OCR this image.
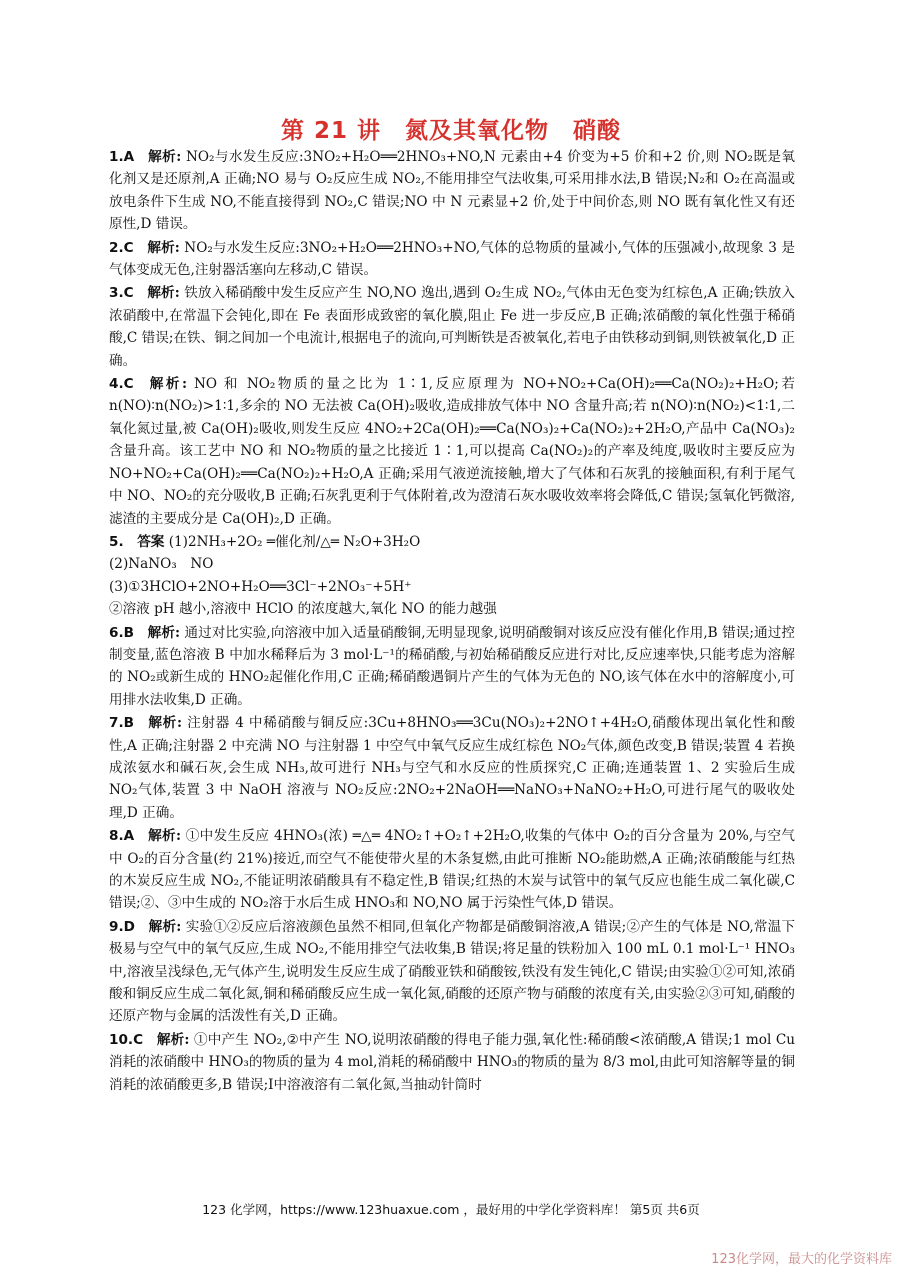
第 21 讲　氮及其氧化物　硝酸

1.A  解析: NO₂与水发生反应:3NO₂+H₂O══2HNO₃+NO,N 元素由+4 价变为+5 价和+2 价,则 NO₂既是氧化剂又是还原剂,A 正确;NO 易与 O₂反应生成 NO₂,不能用排空气法收集,可采用排水法,B 错误;N₂和 O₂在高温或放电条件下生成 NO,不能直接得到 NO₂,C 错误;NO 中 N 元素显+2 价,处于中间价态,则 NO 既有氧化性又有还原性,D 错误。

2.C  解析: NO₂与水发生反应:3NO₂+H₂O══2HNO₃+NO,气体的总物质的量减小,气体的压强减小,故现象 3 是气体变成无色,注射器活塞向左移动,C 错误。

3.C  解析: 铁放入稀硝酸中发生反应产生 NO,NO 逸出,遇到 O₂生成 NO₂,气体由无色变为红棕色,A 正确;铁放入浓硝酸中,在常温下会钝化,即在 Fe 表面形成致密的氧化膜,阻止 Fe 进一步反应,B 正确;浓硝酸的氧化性强于稀硝酸,C 错误;在铁、铜之间加一个电流计,根据电子的流向,可判断铁是否被氧化,若电子由铁移动到铜,则铁被氧化,D 正确。

4.C  解析: NO 和 NO₂物质的量之比为 1∶1,反应原理为 NO+NO₂+Ca(OH)₂══Ca(NO₂)₂+H₂O;若 n(NO)∶n(NO₂)>1∶1,多余的 NO 无法被 Ca(OH)₂吸收,造成排放气体中 NO 含量升高;若 n(NO)∶n(NO₂)<1∶1,二氧化氮过量,被 Ca(OH)₂吸收,则发生反应 4NO₂+2Ca(OH)₂══Ca(NO₃)₂+Ca(NO₂)₂+2H₂O,产品中 Ca(NO₃)₂含量升高。该工艺中 NO 和 NO₂物质的量之比接近 1∶1,可以提高 Ca(NO₂)₂的产率及纯度,吸收时主要反应为 NO+NO₂+Ca(OH)₂══Ca(NO₂)₂+H₂O,A 正确;采用气液逆流接触,增大了气体和石灰乳的接触面积,有利于尾气中 NO、NO₂的充分吸收,B 正确;石灰乳更利于气体附着,改为澄清石灰水吸收效率将会降低,C 错误;氢氧化钙微溶,滤渣的主要成分是 Ca(OH)₂,D 正确。

5.  答案 (1)2NH₃+2O₂ ═催化剂/△═ N₂O+3H₂O

(2)NaNO₃　NO

(3)①3HClO+2NO+H₂O══3Cl⁻+2NO₃⁻+5H⁺

②溶液 pH 越小,溶液中 HClO 的浓度越大,氧化 NO 的能力越强

6.B  解析: 通过对比实验,向溶液中加入适量硝酸铜,无明显现象,说明硝酸铜对该反应没有催化作用,B 错误;通过控制变量,蓝色溶液 B 中加水稀释后为 3 mol·L⁻¹的稀硝酸,与初始稀硝酸反应进行对比,反应速率快,只能考虑为溶解的 NO₂或新生成的 HNO₂起催化作用,C 正确;稀硝酸遇铜片产生的气体为无色的 NO,该气体在水中的溶解度小,可用排水法收集,D 正确。

7.B  解析: 注射器 4 中稀硝酸与铜反应:3Cu+8HNO₃══3Cu(NO₃)₂+2NO↑+4H₂O,硝酸体现出氧化性和酸性,A 正确;注射器 2 中充满 NO 与注射器 1 中空气中氧气反应生成红棕色 NO₂气体,颜色改变,B 错误;装置 4 若换成浓氨水和碱石灰,会生成 NH₃,故可进行 NH₃与空气和水反应的性质探究,C 正确;连通装置 1、2 实验后生成 NO₂气体,装置 3 中 NaOH 溶液与 NO₂反应:2NO₂+2NaOH══NaNO₃+NaNO₂+H₂O,可进行尾气的吸收处理,D 正确。

8.A  解析: ①中发生反应 4HNO₃(浓) ═△═ 4NO₂↑+O₂↑+2H₂O,收集的气体中 O₂的百分含量为 20%,与空气中 O₂的百分含量(约 21%)接近,而空气不能使带火星的木条复燃,由此可推断 NO₂能助燃,A 正确;浓硝酸能与红热的木炭反应生成 NO₂,不能证明浓硝酸具有不稳定性,B 错误;红热的木炭与试管中的氧气反应也能生成二氧化碳,C 错误;②、③中生成的 NO₂溶于水后生成 HNO₃和 NO,NO 属于污染性气体,D 错误。

9.D  解析: 实验①②反应后溶液颜色虽然不相同,但氧化产物都是硝酸铜溶液,A 错误;②产生的气体是 NO,常温下极易与空气中的氧气反应,生成 NO₂,不能用排空气法收集,B 错误;将足量的铁粉加入 100 mL 0.1 mol·L⁻¹ HNO₃中,溶液呈浅绿色,无气体产生,说明发生反应生成了硝酸亚铁和硝酸铵,铁没有发生钝化,C 错误;由实验①②可知,浓硝酸和铜反应生成二氧化氮,铜和稀硝酸反应生成一氧化氮,硝酸的还原产物与硝酸的浓度有关,由实验②③可知,硝酸的还原产物与金属的活泼性有关,D 正确。

10.C  解析: ①中产生 NO₂,②中产生 NO,说明浓硝酸的得电子能力强,氧化性:稀硝酸<浓硝酸,A 错误;1 mol Cu 消耗的浓硝酸中 HNO₃的物质的量为 4 mol,消耗的稀硝酸中 HNO₃的物质的量为 8/3 mol,由此可知溶解等量的铜消耗的浓硝酸更多,B 错误;Ⅰ中溶液溶有二氧化氮,当抽动针筒时

123 化学网，https://www.123huaxue.com ，最好用的中学化学资料库！ 第5页 共6页
123化学网，最大的化学资料库
